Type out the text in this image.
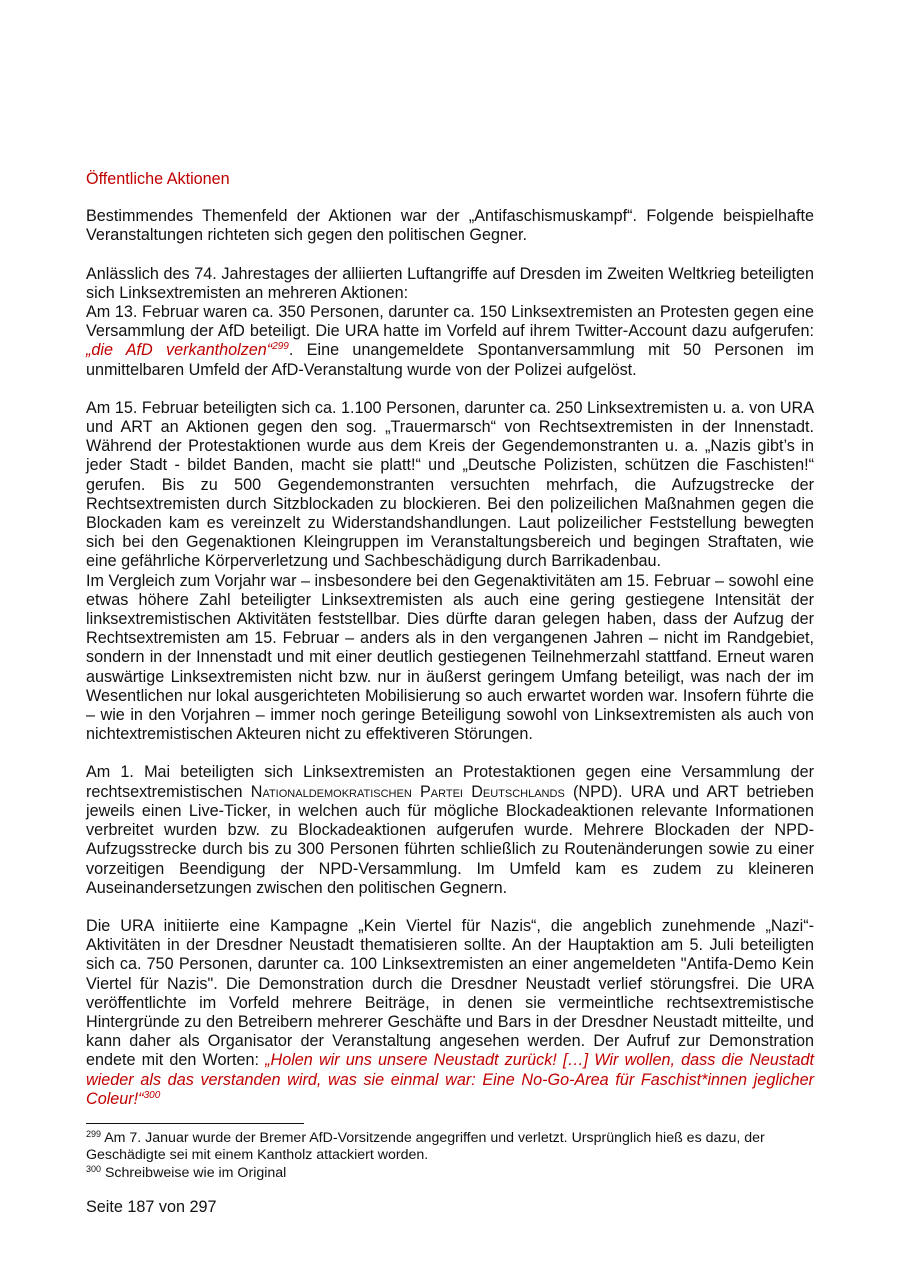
Öffentliche Aktionen

Bestimmendes Themenfeld der Aktionen war der „Antifaschismuskampf“. Folgende beispielhafte Veranstaltungen richteten sich gegen den politischen Gegner.

Anlässlich des 74. Jahrestages der alliierten Luftangriffe auf Dresden im Zweiten Weltkrieg beteiligten sich Linksextremisten an mehreren Aktionen:
Am 13. Februar waren ca. 350 Personen, darunter ca. 150 Linksextremisten an Protesten gegen eine Versammlung der AfD beteiligt. Die URA hatte im Vorfeld auf ihrem Twitter-Account dazu aufgerufen: „die AfD verkantholzen“$^{299}$. Eine unangemeldete Spontanversammlung mit 50 Personen im unmittelbaren Umfeld der AfD-Veranstaltung wurde von der Polizei aufgelöst.

Am 15. Februar beteiligten sich ca. 1.100 Personen, darunter ca. 250 Linksextremisten u. a. von URA und ART an Aktionen gegen den sog. „Trauermarsch“ von Rechtsextremisten in der Innenstadt. Während der Protestaktionen wurde aus dem Kreis der Gegendemonstranten u. a. „Nazis gibt’s in jeder Stadt - bildet Banden, macht sie platt!“ und „Deutsche Polizisten, schützen die Faschisten!“ gerufen. Bis zu 500 Gegendemonstranten versuchten mehrfach, die Aufzugstrecke der Rechtsextremisten durch Sitzblockaden zu blockieren. Bei den polizeilichen Maßnahmen gegen die Blockaden kam es vereinzelt zu Widerstandshandlungen. Laut polizeilicher Feststellung bewegten sich bei den Gegenaktionen Kleingruppen im Veranstaltungsbereich und begingen Straftaten, wie eine gefährliche Körperverletzung und Sachbeschädigung durch Barrikadenbau.

Im Vergleich zum Vorjahr war – insbesondere bei den Gegenaktivitäten am 15. Februar – sowohl eine etwas höhere Zahl beteiligter Linksextremisten als auch eine gering gestiegene Intensität der linksextremistischen Aktivitäten feststellbar. Dies dürfte daran gelegen haben, dass der Aufzug der Rechtsextremisten am 15. Februar – anders als in den vergangenen Jahren – nicht im Randgebiet, sondern in der Innenstadt und mit einer deutlich gestiegenen Teilnehmerzahl stattfand. Erneut waren auswärtige Linksextremisten nicht bzw. nur in äußerst geringem Umfang beteiligt, was nach der im Wesentlichen nur lokal ausgerichteten Mobilisierung so auch erwartet worden war. Insofern führte die – wie in den Vorjahren – immer noch geringe Beteiligung sowohl von Linksextremisten als auch von nichtextremistischen Akteuren nicht zu effektiveren Störungen.

Am 1. Mai beteiligten sich Linksextremisten an Protestaktionen gegen eine Versammlung der rechtsextremistischen Nationaldemokratischen Partei Deutschlands (NPD). URA und ART betrieben jeweils einen Live-Ticker, in welchen auch für mögliche Blockadeaktionen relevante Informationen verbreitet wurden bzw. zu Blockadeaktionen aufgerufen wurde. Mehrere Blockaden der NPD-Aufzugsstrecke durch bis zu 300 Personen führten schließlich zu Routenänderungen sowie zu einer vorzeitigen Beendigung der NPD-Versammlung. Im Umfeld kam es zudem zu kleineren Auseinandersetzungen zwischen den politischen Gegnern.

Die URA initiierte eine Kampagne „Kein Viertel für Nazis“, die angeblich zunehmende „Nazi“-Aktivitäten in der Dresdner Neustadt thematisieren sollte. An der Hauptaktion am 5. Juli beteiligten sich ca. 750 Personen, darunter ca. 100 Linksextremisten an einer angemeldeten "Antifa-Demo Kein Viertel für Nazis". Die Demonstration durch die Dresdner Neustadt verlief störungsfrei. Die URA veröffentlichte im Vorfeld mehrere Beiträge, in denen sie vermeintliche rechtsextremistische Hintergründe zu den Betreibern mehrerer Geschäfte und Bars in der Dresdner Neustadt mitteilte, und kann daher als Organisator der Veranstaltung angesehen werden. Der Aufruf zur Demonstration endete mit den Worten: „Holen wir uns unsere Neustadt zurück! […] Wir wollen, dass die Neustadt wieder als das verstanden wird, was sie einmal war: Eine No-Go-Area für Faschist*innen jeglicher Coleur!“$^{300}$

$^{299}$ Am 7. Januar wurde der Bremer AfD-Vorsitzende angegriffen und verletzt. Ursprünglich hieß es dazu, der Geschädigte sei mit einem Kantholz attackiert worden.
$^{300}$ Schreibweise wie im Original
Seite 187 von 297
